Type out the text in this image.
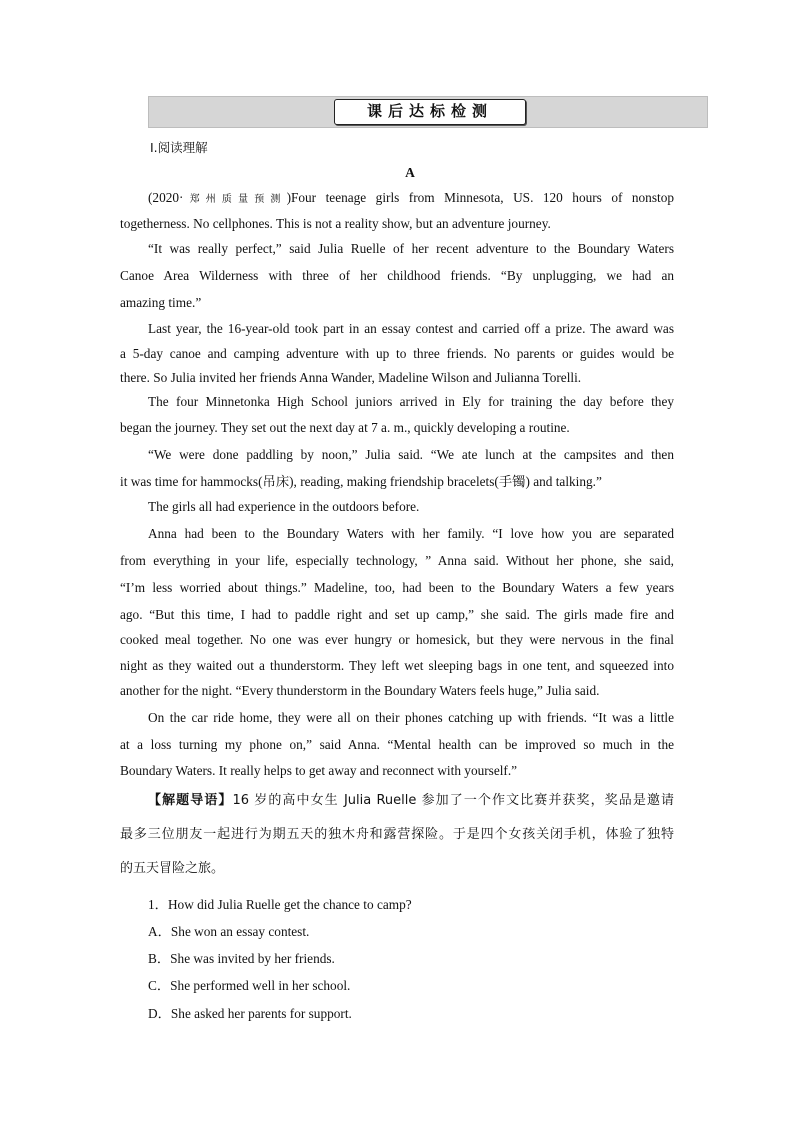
课后达标检测
Ⅰ.阅读理解
A
(2020·郑州质量预测)Four teenage girls from Minnesota, US. 120 hours of nonstop
togetherness. No cellphones. This is not a reality show, but an adventure journey.
“It was really perfect,” said Julia Ruelle of her recent adventure to the Boundary Waters
Canoe Area Wilderness with three of her childhood friends. “By unplugging, we had an
amazing time.”
Last year, the 16-year-old took part in an essay contest and carried off a prize. The award was
a 5-day canoe and camping adventure with up to three friends. No parents or guides would be
there. So Julia invited her friends Anna Wander, Madeline Wilson and Julianna Torelli.
The four Minnetonka High School juniors arrived in Ely for training the day before they
began the journey. They set out the next day at 7 a. m., quickly developing a routine.
“We were done paddling by noon,” Julia said. “We ate lunch at the campsites and then
it was time for hammocks(吊床), reading, making friendship bracelets(手镯) and talking.”
The girls all had experience in the outdoors before.
Anna had been to the Boundary Waters with her family. “I love how you are separated
from everything in your life, especially technology, ” Anna said. Without her phone, she said,
“I’m less worried about things.” Madeline, too, had been to the Boundary Waters a few years
ago. “But this time, I had to paddle right and set up camp,” she said. The girls made fire and
cooked meal together. No one was ever hungry or homesick, but they were nervous in the final
night as they waited out a thunderstorm. They left wet sleeping bags in one tent, and squeezed into
another for the night. “Every thunderstorm in the Boundary Waters feels huge,” Julia said.
On the car ride home, they were all on their phones catching up with friends. “It was a little
at a loss turning my phone on,” said Anna. “Mental health can be improved so much in the
Boundary Waters. It really helps to get away and reconnect with yourself.”
【解题导语】16 岁的高中女生 Julia Ruelle 参加了一个作文比赛并获奖，奖品是邀请
最多三位朋友一起进行为期五天的独木舟和露营探险。于是四个女孩关闭手机，体验了独特
的五天冒险之旅。
1．How did Julia Ruelle get the chance to camp?
A．She won an essay contest.
B．She was invited by her friends.
C．She performed well in her school.
D．She asked her parents for support.
